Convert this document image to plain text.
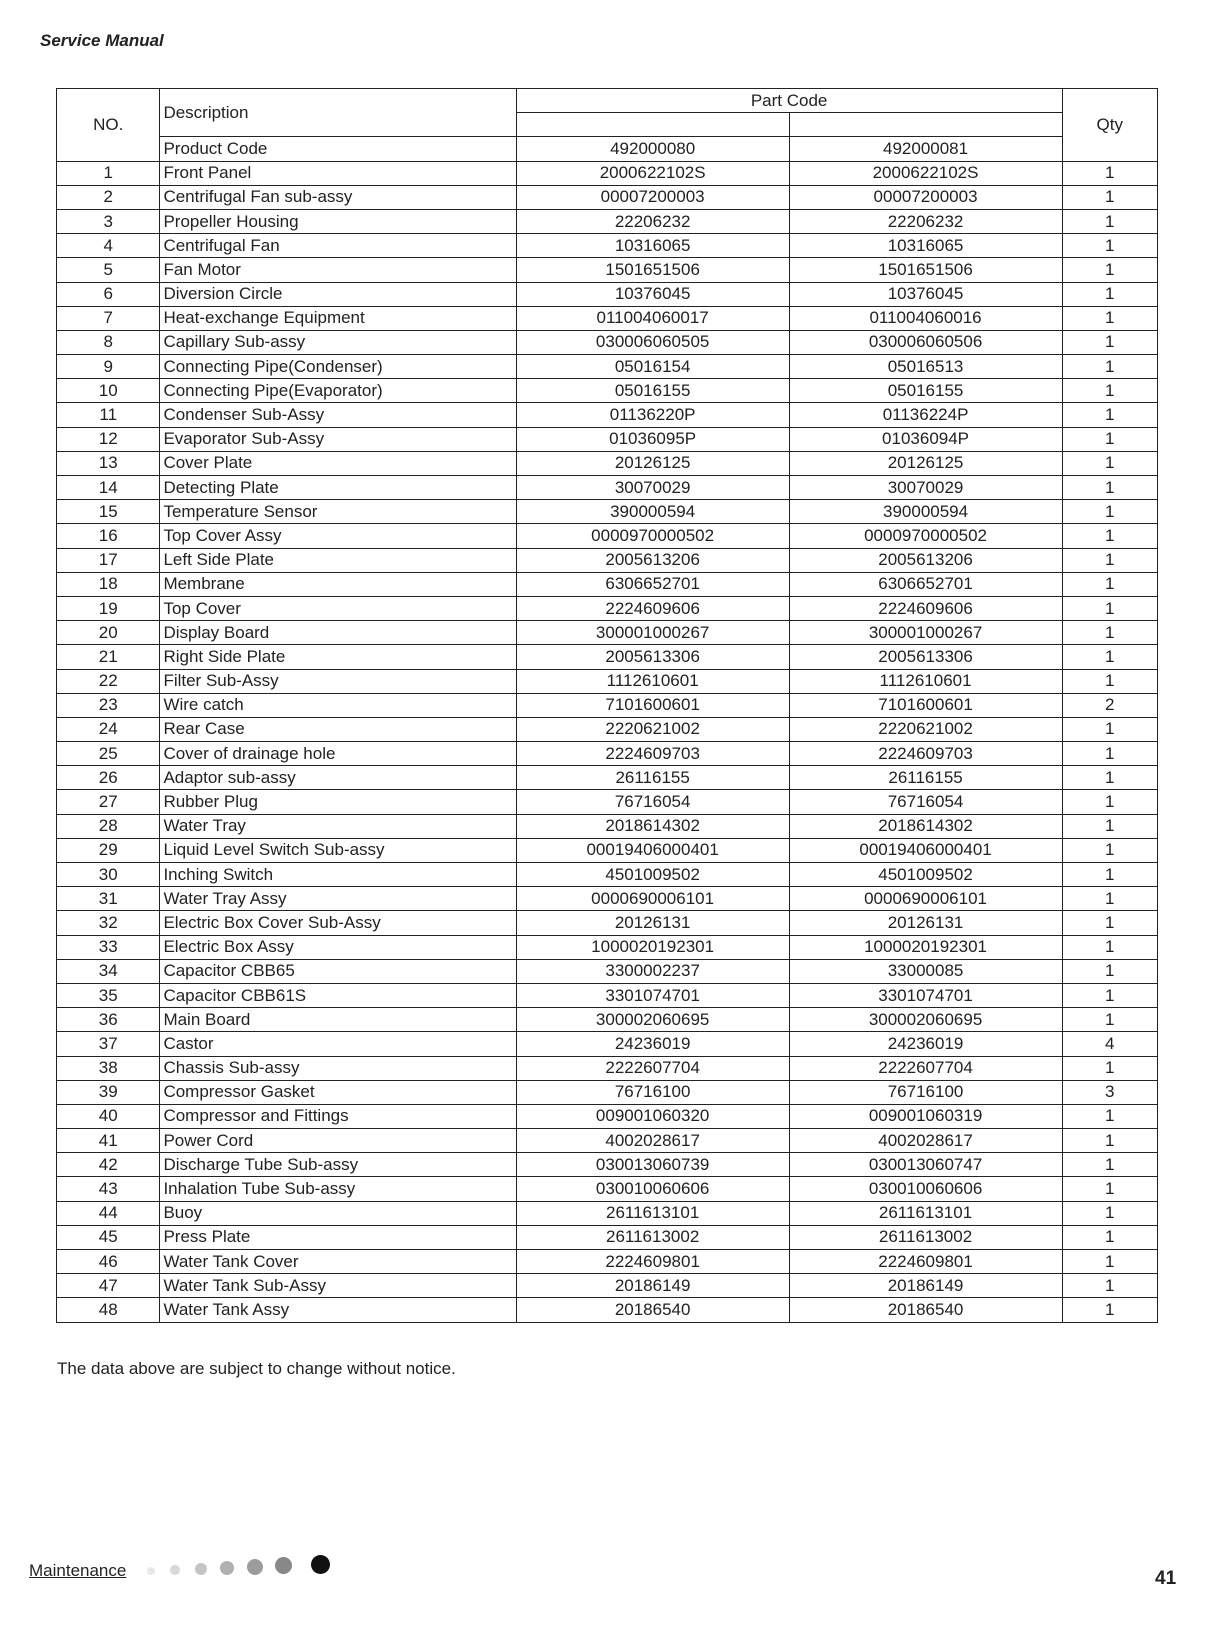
Service Manual
NO.	Description	Part Code		Qty

	Product Code	492000080	492000081	
1	Front Panel	2000622102S	2000622102S	1
2	Centrifugal Fan sub-assy	00007200003	00007200003	1
3	Propeller Housing	22206232	22206232	1
4	Centrifugal Fan	10316065	10316065	1
5	Fan Motor	1501651506	1501651506	1
6	Diversion Circle	10376045	10376045	1
7	Heat-exchange Equipment	011004060017	011004060016	1
8	Capillary Sub-assy	030006060505	030006060506	1
9	Connecting Pipe(Condenser)	05016154	05016513	1
10	Connecting Pipe(Evaporator)	05016155	05016155	1
11	Condenser Sub-Assy	01136220P	01136224P	1
12	Evaporator Sub-Assy	01036095P	01036094P	1
13	Cover Plate	20126125	20126125	1
14	Detecting Plate	30070029	30070029	1
15	Temperature Sensor	390000594	390000594	1
16	Top Cover Assy	0000970000502	0000970000502	1
17	Left Side Plate	2005613206	2005613206	1
18	Membrane	6306652701	6306652701	1
19	Top Cover	2224609606	2224609606	1
20	Display Board	300001000267	300001000267	1
21	Right Side Plate	2005613306	2005613306	1
22	Filter Sub-Assy	1112610601	1112610601	1
23	Wire catch	7101600601	7101600601	2
24	Rear Case	2220621002	2220621002	1
25	Cover of drainage hole	2224609703	2224609703	1
26	Adaptor sub-assy	26116155	26116155	1
27	Rubber Plug	76716054	76716054	1
28	Water Tray	2018614302	2018614302	1
29	Liquid Level Switch Sub-assy	00019406000401	00019406000401	1
30	Inching Switch	4501009502	4501009502	1
31	Water Tray Assy	0000690006101	0000690006101	1
32	Electric Box Cover Sub-Assy	20126131	20126131	1
33	Electric Box Assy	1000020192301	1000020192301	1
34	Capacitor CBB65	3300002237	33000085	1
35	Capacitor CBB61S	3301074701	3301074701	1
36	Main Board	300002060695	300002060695	1
37	Castor	24236019	24236019	4
38	Chassis Sub-assy	2222607704	2222607704	1
39	Compressor Gasket	76716100	76716100	3
40	Compressor and Fittings	009001060320	009001060319	1
41	Power Cord	4002028617	4002028617	1
42	Discharge Tube Sub-assy	030013060739	030013060747	1
43	Inhalation Tube Sub-assy	030010060606	030010060606	1
44	Buoy	2611613101	2611613101	1
45	Press Plate	2611613002	2611613002	1
46	Water Tank Cover	2224609801	2224609801	1
47	Water Tank Sub-Assy	20186149	20186149	1
48	Water Tank Assy	20186540	20186540	1
The data above are subject to change without notice.
Maintenance	41
